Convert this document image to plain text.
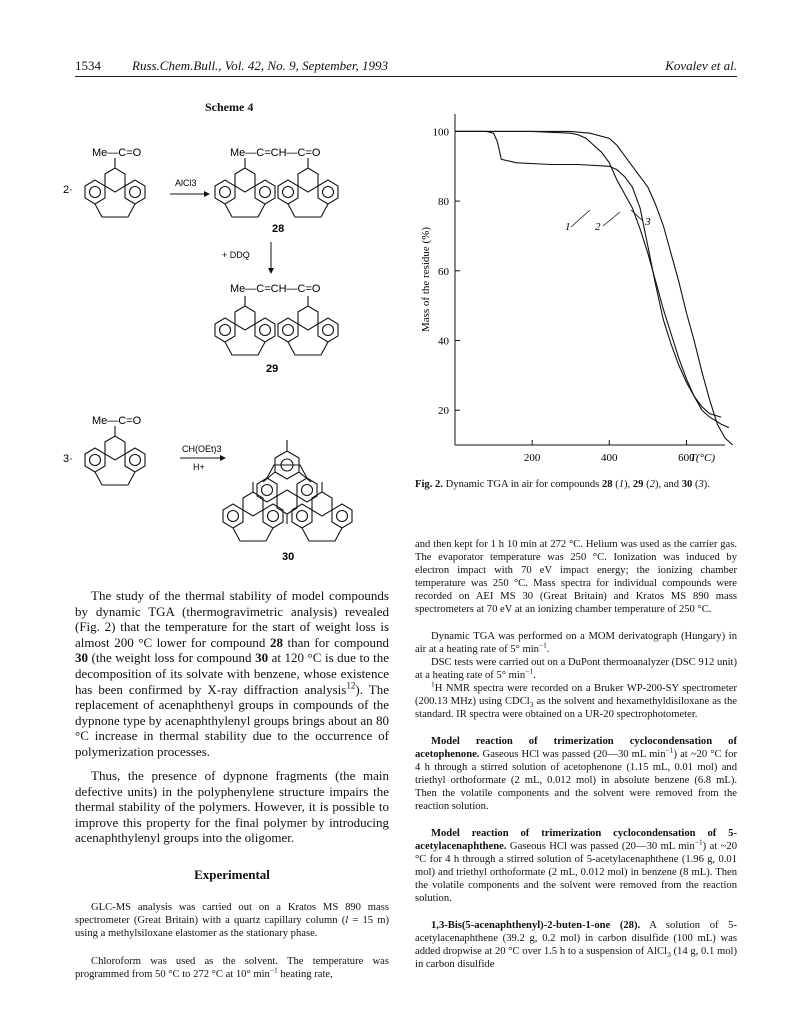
1534 Russ.Chem.Bull., Vol. 42, No. 9, September, 1993	Kovalev et al.
Scheme 4
Me—C=O
2·
AlCl3
Me—C=CH—C=O
28
+ DDQ
Me—C=CH—C=O
29
Me—C=O
3·
CH(OEt)3
H+
30

The study of the thermal stability of model compounds by dynamic TGA (thermogravimetric analysis) revealed (Fig. 2) that the temperature for the start of weight loss is almost 200 °C lower for compound 28 than for compound 30 (the weight loss for compound 30 at 120 °C is due to the decomposition of its solvate with benzene, whose existence has been confirmed by X-ray diffraction analysis$^{12}$). The replacement of acenaphthenyl groups in compounds of the dypnone type by acenaphthylenyl groups brings about an 80 °C increase in thermal stability due to the occurrence of polymerization processes.

Thus, the presence of dypnone fragments (the main defective units) in the polyphenylene structure impairs the thermal stability of the polymers. However, it is possible to improve this property for the final polymer by introducing acenaphthylenyl groups into the oligomer.

Experimental

GLC-MS analysis was carried out on a Kratos MS 890 mass spectrometer (Great Britain) with a quartz capillary column (l = 15 m) using a methylsiloxane elastomer as the stationary phase.

Chloroform was used as the solvent. The temperature was programmed from 50 °C to 272 °C at 10° $\min^{-1}$ heating rate,

100
80
60
40
20
200	400	600
T(°C)
Mass of the residue (%)	1 2	3

Fig. 2. Dynamic TGA in air for compounds 28 (1), 29 (2), and 30 (3).

and then kept for 1 h 10 min at 272 °C. Helium was used as the carrier gas. The evaporator temperature was 250 °C. Ionization was induced by electron impact with 70 eV impact energy; the ionizing chamber temperature was 250 °C. Mass spectra for individual compounds were recorded on AEI MS 30 (Great Britain) and Kratos MS 890 mass spectrometers at 70 eV at an ionizing chamber temperature of 250 °C.

Dynamic TGA was performed on a MOM derivatograph (Hungary) in air at a heating rate of 5° $\min^{-1}$.

DSC tests were carried out on a DuPont thermoanalyzer (DSC 912 unit) at a heating rate of 5° $\min^{-1}$.

$^1$H NMR spectra were recorded on a Bruker WP-200-SY spectrometer (200.13 MHz) using CDCl$_3$ as the solvent and hexamethyldisiloxane as the standard. IR spectra were obtained on a UR-20 spectrophotometer.

Model reaction of trimerization cyclocondensation of acetophenone. Gaseous HCl was passed (20—30 mL $\min^{-1}$) at ~20 °C for 4 h through a stirred solution of acetophenone (1.15 mL, 0.01 mol) and triethyl orthoformate (2 mL, 0.012 mol) in absolute benzene (6.8 mL). Then the volatile components and the solvent were removed from the reaction solution.

Model reaction of trimerization cyclocondensation of 5-acetylacenaphthene. Gaseous HCl was passed (20—30 mL $\min^{-1}$) at ~20 °C for 4 h through a stirred solution of 5-acetylacenaphthene (1.96 g, 0.01 mol) and triethyl orthoformate (2 mL, 0.012 mol) in benzene (8 mL). Then the volatile components and the solvent were removed from the reaction solution.

1,3-Bis(5-acenaphthenyl)-2-buten-1-one (28). A solution of 5-acetylacenaphthene (39.2 g, 0.2 mol) in carbon disulfide (100 mL) was added dropwise at 20 °C over 1.5 h to a suspension of AlCl$_3$ (14 g, 0.1 mol) in carbon disulfide
